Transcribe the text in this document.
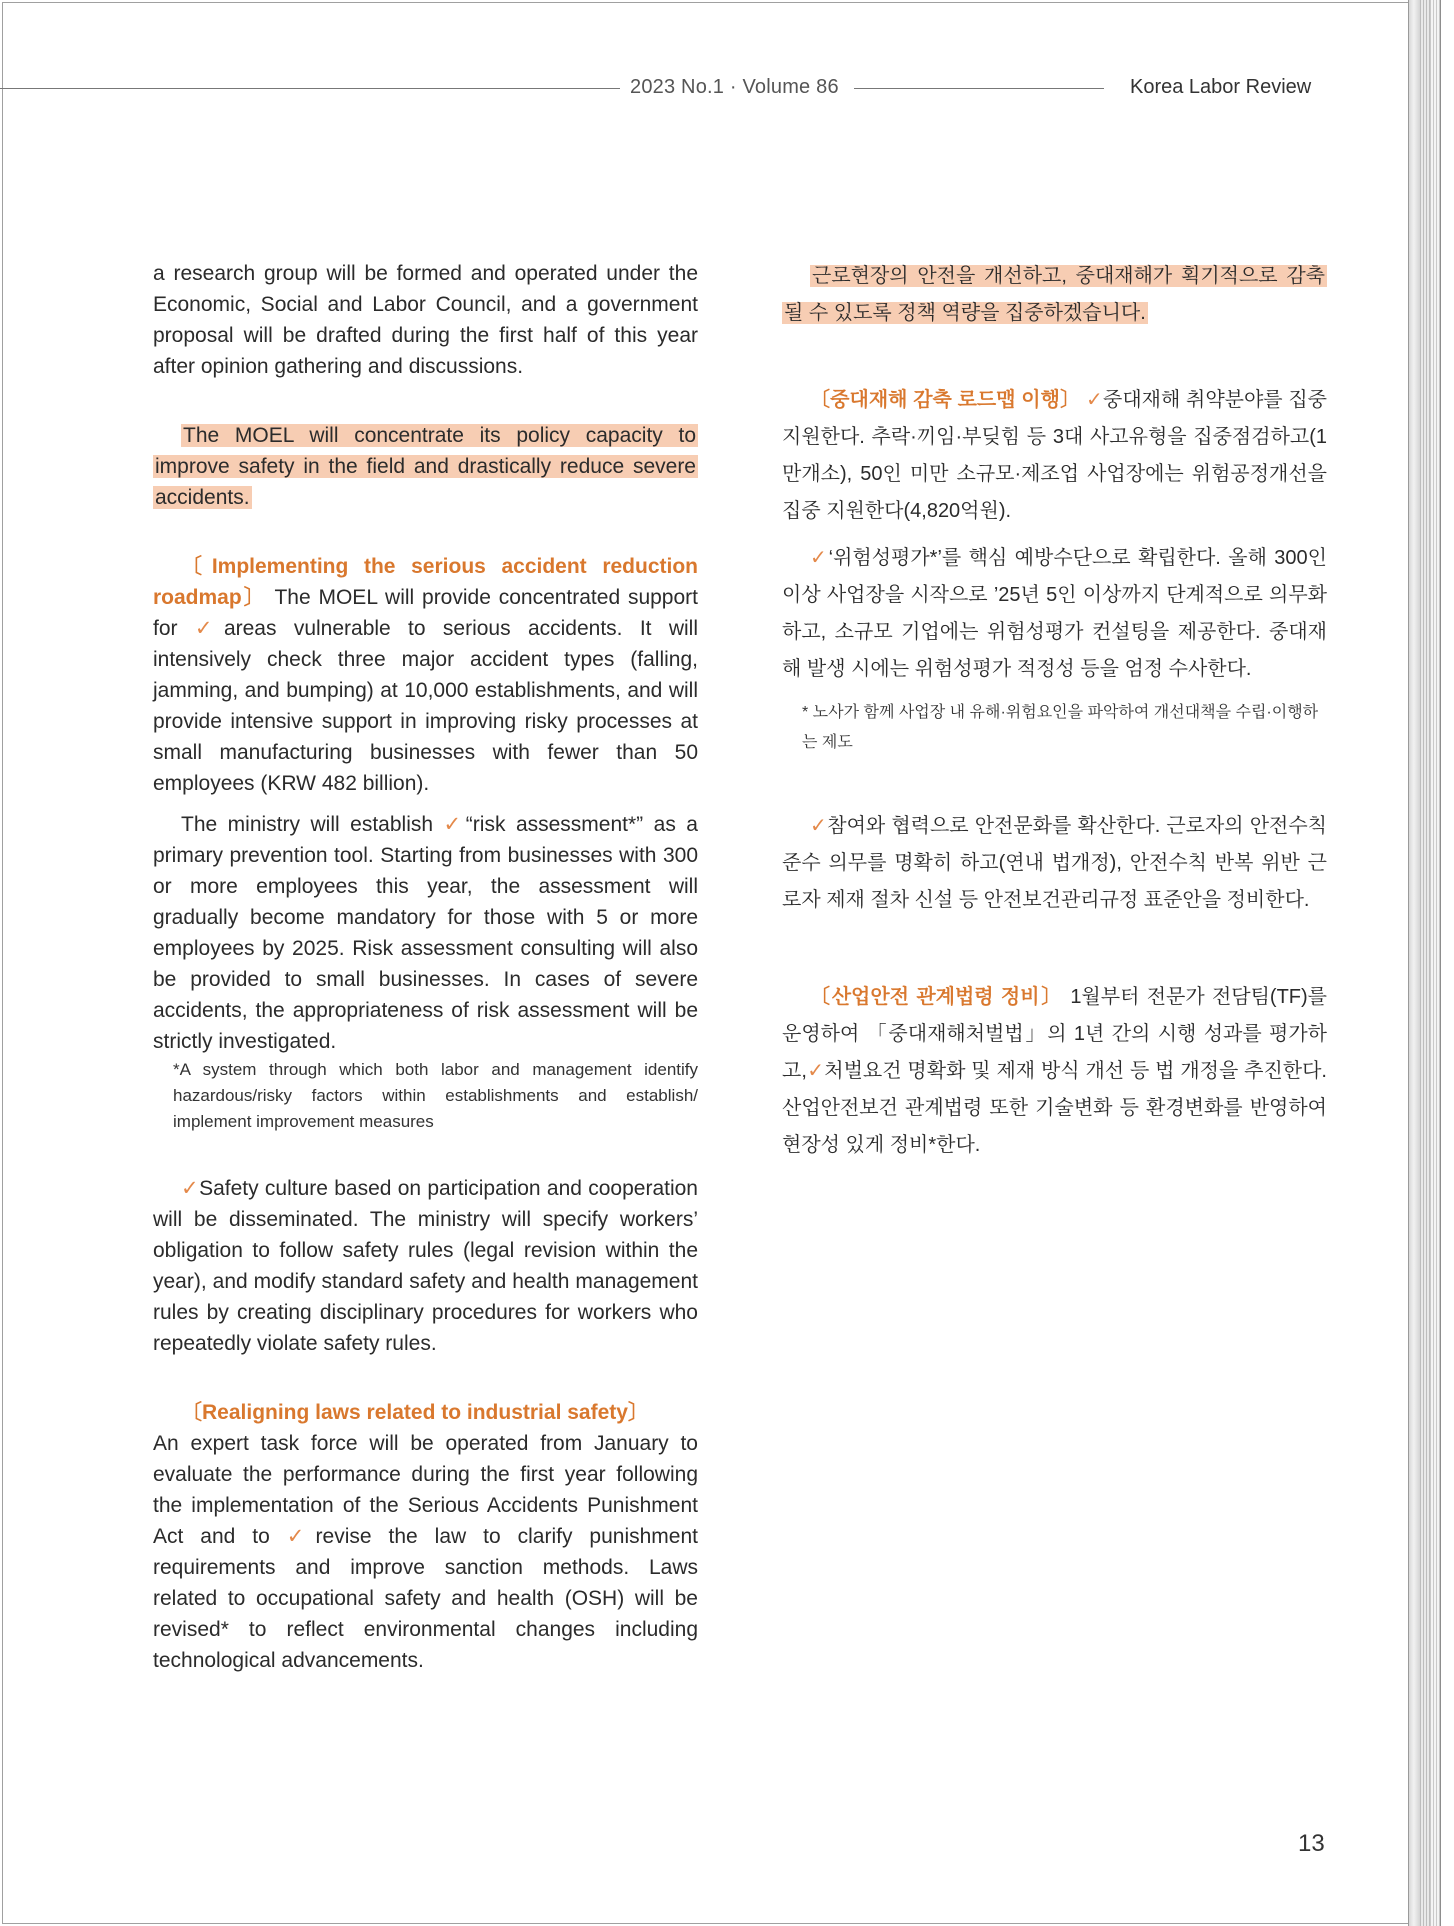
2023 No.1 · Volume 86	Korea Labor Review

a research group will be formed and operated under the Economic, Social and Labor Council, and a government proposal will be drafted during the first half of this year after opinion gathering and discussions.

The MOEL will concentrate its policy capacity to improve safety in the field and drastically reduce severe accidents.

〔Implementing the serious accident reduction roadmap〕 The MOEL will provide concentrated support for ✓areas vulnerable to serious accidents. It will intensively check three major accident types (falling, jamming, and bumping) at 10,000 establishments, and will provide intensive support in improving risky processes at small manufacturing businesses with fewer than 50 employees (KRW 482 billion).

The ministry will establish ✓“risk assessment*” as a primary prevention tool. Starting from businesses with 300 or more employees this year, the assessment will gradually become mandatory for those with 5 or more employees by 2025. Risk assessment consulting will also be provided to small businesses. In cases of severe accidents, the appropriateness of risk assessment will be strictly investigated.

*A system through which both labor and management identify hazardous/risky factors within establishments and establish/ implement improvement measures

✓Safety culture based on participation and cooperation will be disseminated. The ministry will specify workers’ obligation to follow safety rules (legal revision within the year), and modify standard safety and health management rules by creating disciplinary procedures for workers who repeatedly violate safety rules.

〔Realigning laws related to industrial safety〕

An expert task force will be operated from January to evaluate the performance during the first year following the implementation of the Serious Accidents Punishment Act and to ✓revise the law to clarify punishment requirements and improve sanction methods. Laws related to occupational safety and health (OSH) will be revised* to reflect environmental changes including technological advancements.

근로현장의 안전을 개선하고, 중대재해가 획기적으로 감축될 수 있도록 정책 역량을 집중하겠습니다.

〔중대재해 감축 로드맵 이행〕 ✓중대재해 취약분야를 집중지원한다. 추락·끼임·부딪힘 등 3대 사고유형을 집중점검하고(1만개소), 50인 미만 소규모·제조업 사업장에는 위험공정개선을 집중 지원한다(4,820억원).

✓‘위험성평가*’를 핵심 예방수단으로 확립한다. 올해 300인 이상 사업장을 시작으로 ’25년 5인 이상까지 단계적으로 의무화하고, 소규모 기업에는 위험성평가 컨설팅을 제공한다. 중대재해 발생 시에는 위험성평가 적정성 등을 엄정 수사한다.

* 노사가 함께 사업장 내 유해·위험요인을 파악하여 개선대책을 수립·이행하는 제도

✓참여와 협력으로 안전문화를 확산한다. 근로자의 안전수칙 준수 의무를 명확히 하고(연내 법개정), 안전수칙 반복 위반 근로자 제재 절차 신설 등 안전보건관리규정 표준안을 정비한다.

〔산업안전 관계법령 정비〕 1월부터 전문가 전담팀(TF)를 운영하여 「중대재해처벌법」의 1년 간의 시행 성과를 평가하고,✓처벌요건 명확화 및 제재 방식 개선 등 법 개정을 추진한다. 산업안전보건 관계법령 또한 기술변화 등 환경변화를 반영하여 현장성 있게 정비*한다.

13
